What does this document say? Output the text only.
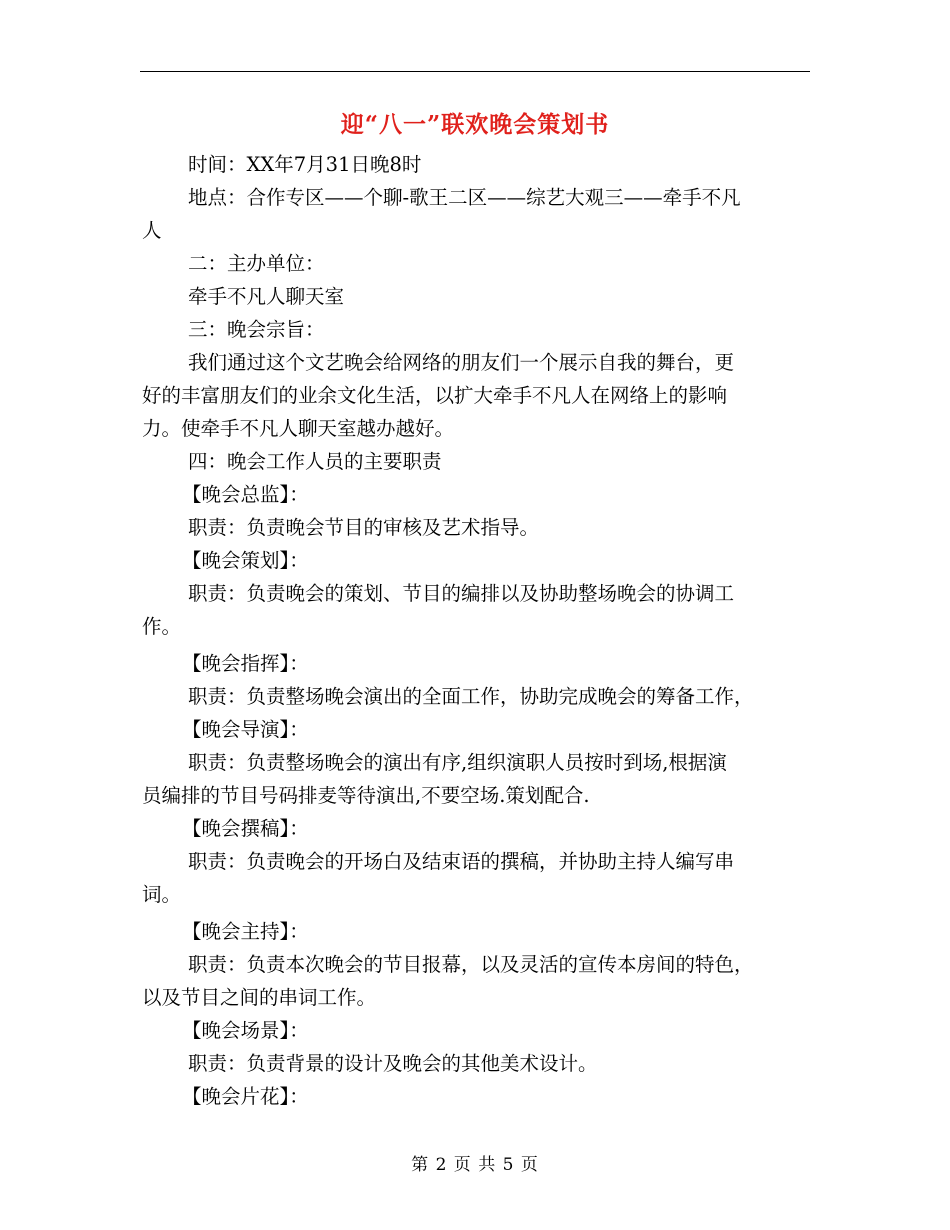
迎“八一”联欢晚会策划书

时间：XX年7月31日晚8时

地点：合作专区——个聊-歌王二区——综艺大观三——牵手不凡

人

二：主办单位：

牵手不凡人聊天室

三：晚会宗旨：

我们通过这个文艺晚会给网络的朋友们一个展示自我的舞台，更

好的丰富朋友们的业余文化生活，以扩大牵手不凡人在网络上的影响

力。使牵手不凡人聊天室越办越好。

四：晚会工作人员的主要职责

【晚会总监】：

职责：负责晚会节目的审核及艺术指导。

【晚会策划】：

职责：负责晚会的策划、节目的编排以及协助整场晚会的协调工

作。

【晚会指挥】：

职责：负责整场晚会演出的全面工作，协助完成晚会的筹备工作，

【晚会导演】：

职责：负责整场晚会的演出有序,组织演职人员按时到场,根据演

员编排的节目号码排麦等待演出,不要空场.策划配合.

【晚会撰稿】：

职责：负责晚会的开场白及结束语的撰稿，并协助主持人编写串

词。

【晚会主持】：

职责：负责本次晚会的节目报幕，以及灵活的宣传本房间的特色，

以及节目之间的串词工作。

【晚会场景】：

职责：负责背景的设计及晚会的其他美术设计。

【晚会片花】：

第 2 页 共 5 页
